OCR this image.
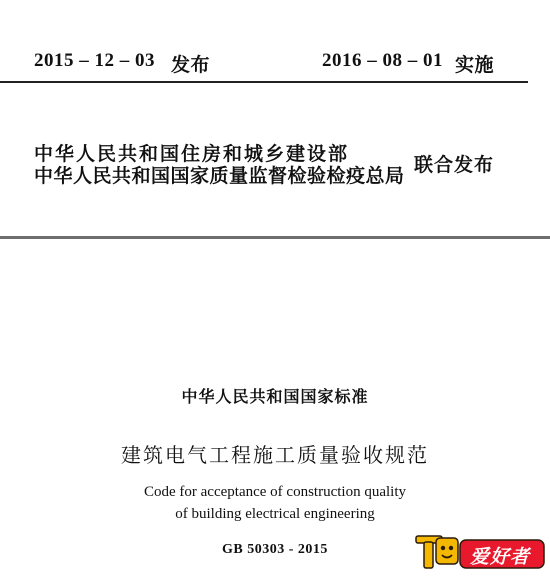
2015 – 12 – 03 发布	2016 – 08 – 01 实施
中华人民共和国住房和城乡建设部
中华人民共和国国家质量监督检验检疫总局 联合发布
中华人民共和国国家标准
建筑电气工程施工质量验收规范
Code for acceptance of construction quality
of building electrical engineering
GB 50303 - 2015	爱好者
